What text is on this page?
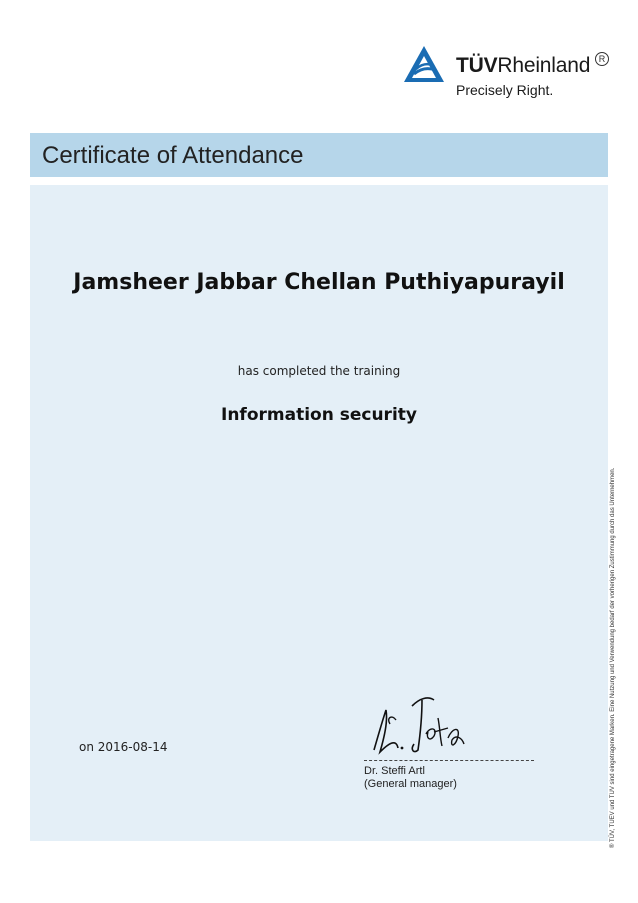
TÜVRheinland R
Precisely Right.
Certificate of Attendance
Jamsheer Jabbar Chellan Puthiyapurayil
has completed the training
Information security
on 2016-08-14
Dr. Steffi Artl
(General manager)	® TÜV, TUEV und TUV sind eingetragene Marken. Eine Nutzung und Verwendung bedarf der vorherigen Zustimmung durch das Unternehmen.
